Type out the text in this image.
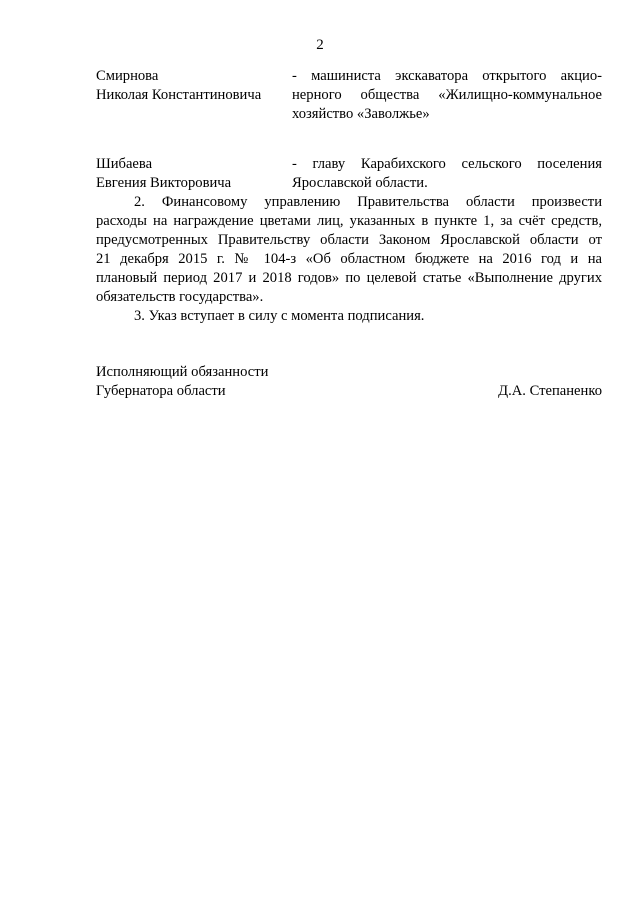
2
Смирнова
Николая Константиновича
- машиниста экскаватора открытого акцио-
нерного общества «Жилищно-коммунальное
хозяйство «Заволжье»
Шибаева
Евгения Викторовича
- главу Карабихского сельского поселения
Ярославской области.
2. Финансовому управлению Правительства области произвести
расходы на награждение цветами лиц, указанных в пункте 1, за счёт средств,
предусмотренных Правительству области Законом Ярославской области от
21 декабря 2015 г. № 104-з «Об областном бюджете на 2016 год и на
плановый период 2017 и 2018 годов» по целевой статье «Выполнение других
обязательств государства».
3. Указ вступает в силу с момента подписания.
Исполняющий обязанности
Губернатора области	Д.А. Степаненко
